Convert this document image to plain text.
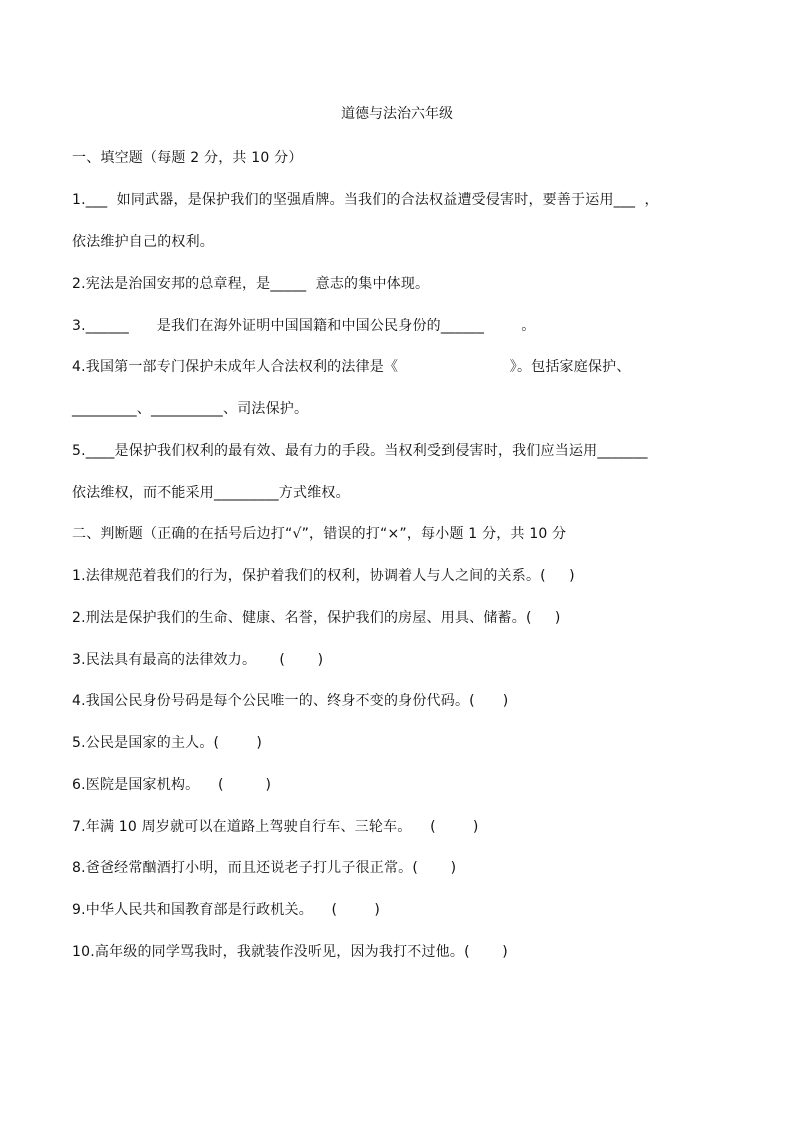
道德与法治六年级
一、填空题（每题 2 分，共 10 分）
1.___  如同武器，是保护我们的坚强盾牌。当我们的合法权益遭受侵害时，要善于运用___  ，
依法维护自己的权利。
2.宪法是治国安邦的总章程，是_____  意志的集中体现。
3.______      是我们在海外证明中国国籍和中国公民身份的______        。
4.我国第一部专门保护未成年人合法权利的法律是《                        》。包括家庭保护、
_________、__________、司法保护。
5.____是保护我们权利的最有效、最有力的手段。当权利受到侵害时，我们应当运用_______
依法维权，而不能采用_________方式维权。
二、判断题（正确的在括号后边打“√”，错误的打“×”，每小题 1 分，共 10 分
1.法律规范着我们的行为，保护着我们的权利，协调着人与人之间的关系。(     )
2.刑法是保护我们的生命、健康、名誉，保护我们的房屋、用具、储蓄。(     )
3.民法具有最高的法律效力。     (       )
4.我国公民身份号码是每个公民唯一的、终身不变的身份代码。(      )
5.公民是国家的主人。(        )
6.医院是国家机构。    (         )
7.年满 10 周岁就可以在道路上驾驶自行车、三轮车。    (        )
8.爸爸经常酗酒打小明，而且还说老子打儿子很正常。(       )
9.中华人民共和国教育部是行政机关。    (        )
10.高年级的同学骂我时，我就装作没听见，因为我打不过他。(       )
